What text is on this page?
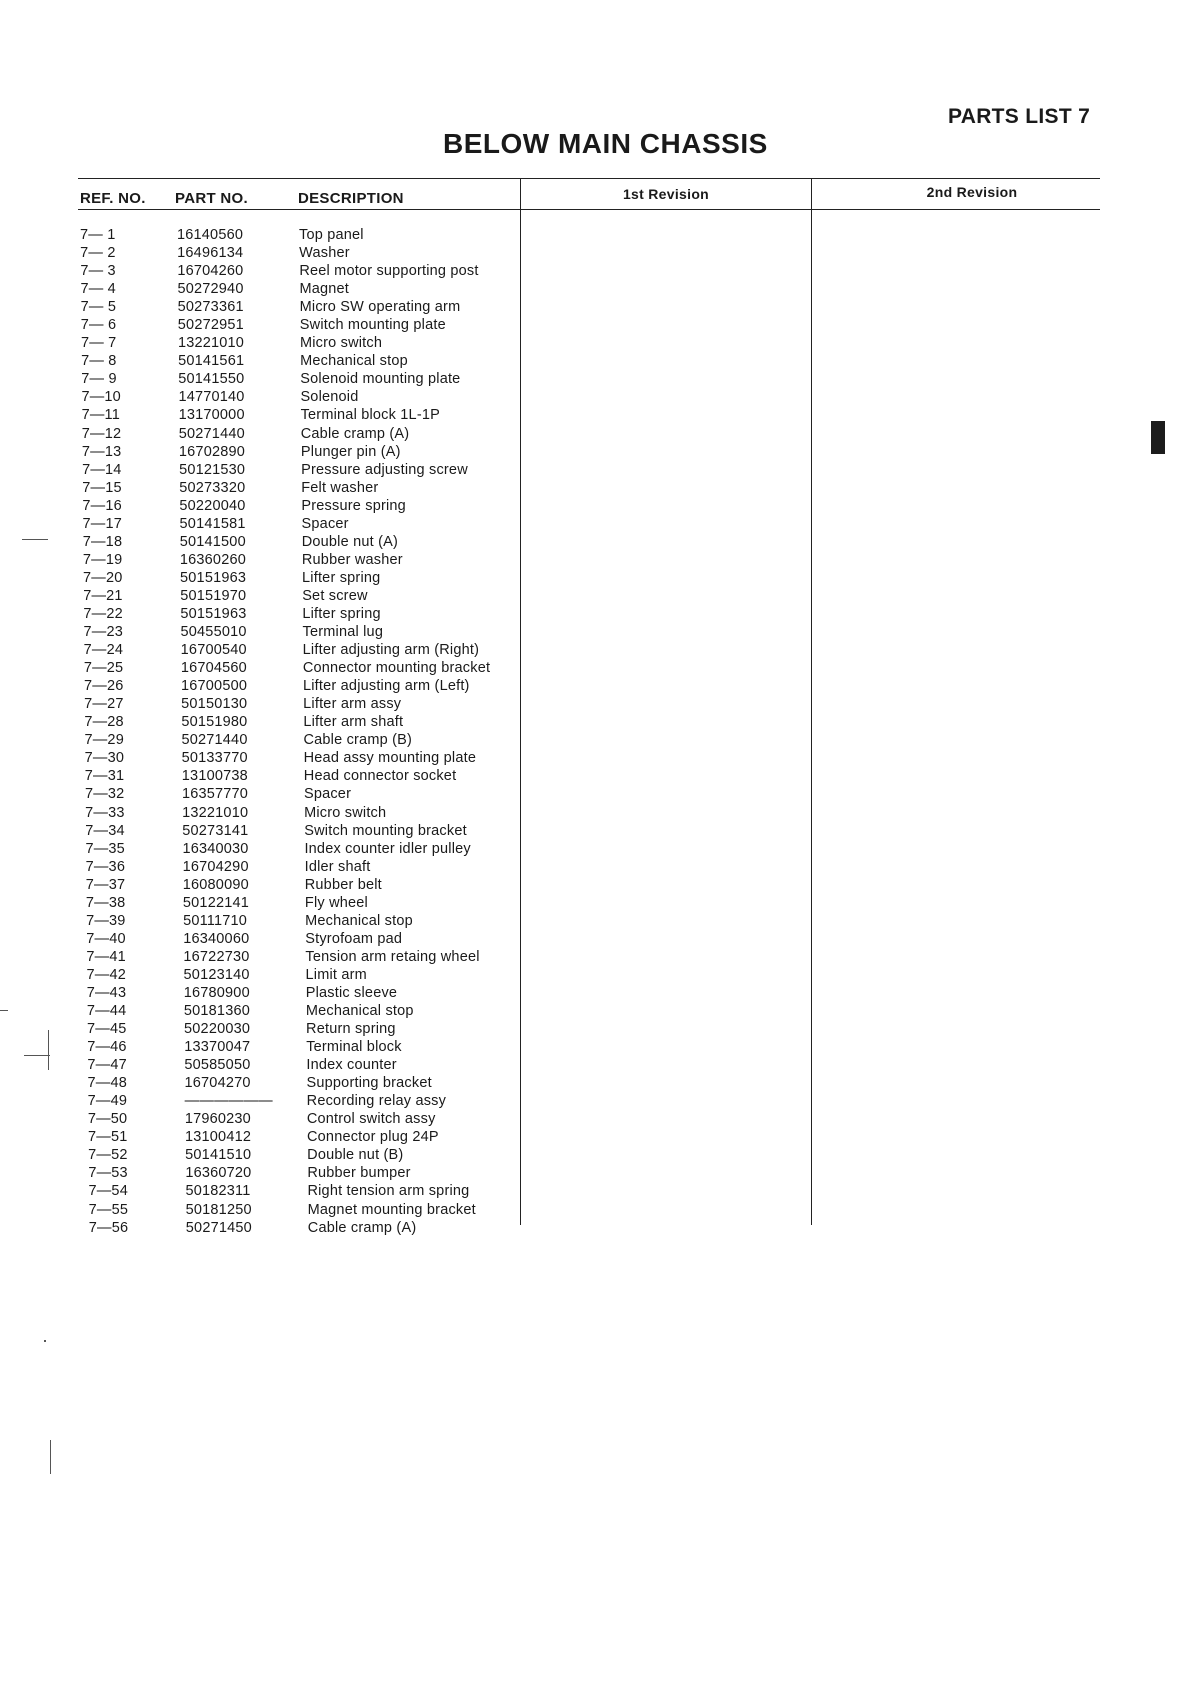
PARTS LIST 7
BELOW MAIN CHASSIS
REF. NO. PART NO.	DESCRIPTION	1st Revision	2nd Revision
7— 1	16140560	Top panel
7— 2	16496134	Washer
7— 3	16704260	Reel motor supporting post
7— 4	50272940	Magnet
7— 5	50273361	Micro SW operating arm
7— 6	50272951	Switch mounting plate
7— 7	13221010	Micro switch
7— 8	50141561	Mechanical stop
7— 9	50141550	Solenoid mounting plate
7—10	14770140	Solenoid
7—11	13170000	Terminal block 1L-1P
7—12	50271440	Cable cramp (A)
7—13	16702890	Plunger pin (A)
7—14	50121530	Pressure adjusting screw
7—15	50273320	Felt washer
7—16	50220040	Pressure spring
7—17	50141581	Spacer
7—18	50141500	Double nut (A)
7—19	16360260	Rubber washer
7—20	50151963	Lifter spring
7—21	50151970	Set screw
7—22	50151963	Lifter spring
7—23	50455010	Terminal lug
7—24	16700540	Lifter adjusting arm (Right)
7—25	16704560	Connector mounting bracket
7—26	16700500	Lifter adjusting arm (Left)
7—27	50150130	Lifter arm assy
7—28	50151980	Lifter arm shaft
7—29	50271440	Cable cramp (B)
7—30	50133770	Head assy mounting plate
7—31	13100738	Head connector socket
7—32	16357770	Spacer
7—33	13221010	Micro switch
7—34	50273141	Switch mounting bracket
7—35	16340030	Index counter idler pulley
7—36	16704290	Idler shaft
7—37	16080090	Rubber belt
7—38	50122141	Fly wheel
7—39	50111710	Mechanical stop
7—40	16340060	Styrofoam pad
7—41	16722730	Tension arm retaing wheel
7—42	50123140	Limit arm
7—43	16780900	Plastic sleeve
7—44	50181360	Mechanical stop
7—45	50220030	Return spring
7—46	13370047	Terminal block
7—47	50585050	Index counter
7—48	16704270	Supporting bracket
7—49	—————— Recording relay assy
7—50	17960230	Control switch assy
7—51	13100412	Connector plug 24P
7—52	50141510	Double nut (B)
7—53	16360720	Rubber bumper
7—54	50182311	Right tension arm spring
7—55	50181250	Magnet mounting bracket
7—56	50271450	Cable cramp (A)
